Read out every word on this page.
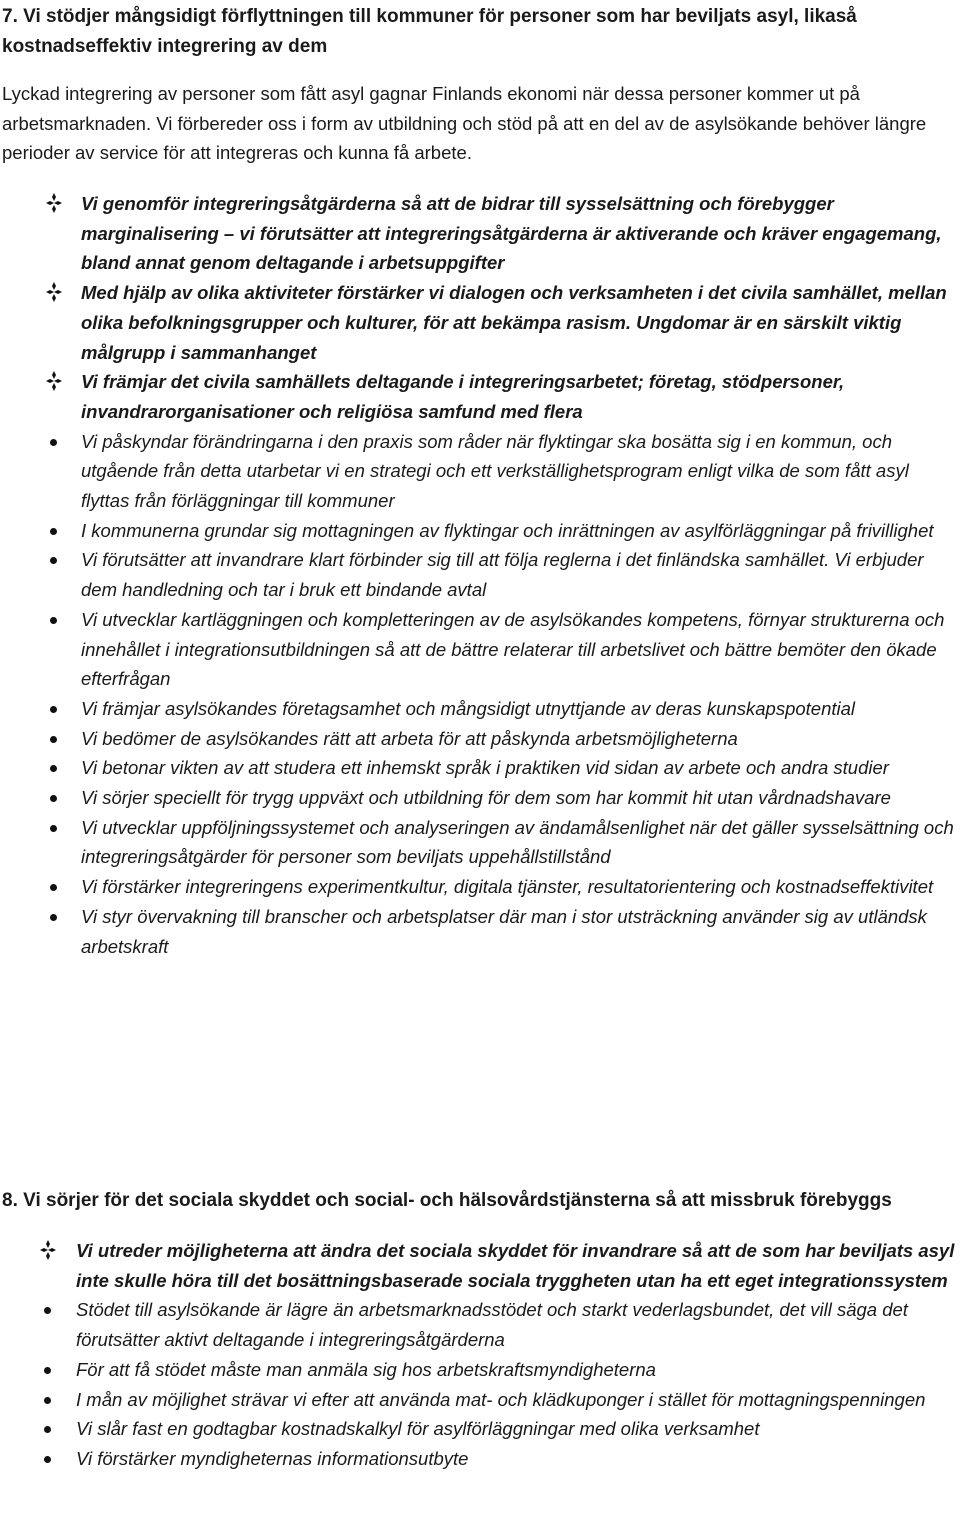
7. Vi stödjer mångsidigt förflyttningen till kommuner för personer som har beviljats asyl, likaså
kostnadseffektiv integrering av dem

Lyckad integrering av personer som fått asyl gagnar Finlands ekonomi när dessa personer kommer ut på arbetsmarknaden. Vi förbereder oss i form av utbildning och stöd på att en del av de asylsökande behöver längre perioder av service för att integreras och kunna få arbete.

Vi genomför integreringsåtgärderna så att de bidrar till sysselsättning och förebygger marginalisering – vi förutsätter att integreringsåtgärderna är aktiverande och kräver engagemang, bland annat genom deltagande i arbetsuppgifter
Med hjälp av olika aktiviteter förstärker vi dialogen och verksamheten i det civila samhället, mellan olika befolkningsgrupper och kulturer, för att bekämpa rasism. Ungdomar är en särskilt viktig målgrupp i sammanhanget
Vi främjar det civila samhällets deltagande i integreringsarbetet; företag, stödpersoner, invandrarorganisationer och religiösa samfund med flera
Vi påskyndar förändringarna i den praxis som råder när flyktingar ska bosätta sig i en kommun, och utgående från detta utarbetar vi en strategi och ett verkställighetsprogram enligt vilka de som fått asyl flyttas från förläggningar till kommuner
I kommunerna grundar sig mottagningen av flyktingar och inrättningen av asylförläggningar på frivillighet
Vi förutsätter att invandrare klart förbinder sig till att följa reglerna i det finländska samhället. Vi erbjuder dem handledning och tar i bruk ett bindande avtal
Vi utvecklar kartläggningen och kompletteringen av de asylsökandes kompetens, förnyar strukturerna och innehållet i integrationsutbildningen så att de bättre relaterar till arbetslivet och bättre bemöter den ökade efterfrågan
Vi främjar asylsökandes företagsamhet och mångsidigt utnyttjande av deras kunskapspotential
Vi bedömer de asylsökandes rätt att arbeta för att påskynda arbetsmöjligheterna
Vi betonar vikten av att studera ett inhemskt språk i praktiken vid sidan av arbete och andra studier
Vi sörjer speciellt för trygg uppväxt och utbildning för dem som har kommit hit utan vårdnadshavare
Vi utvecklar uppföljningssystemet och analyseringen av ändamålsenlighet när det gäller sysselsättning och integreringsåtgärder för personer som beviljats uppehållstillstånd
Vi förstärker integreringens experimentkultur, digitala tjänster, resultatorientering och kostnadseffektivitet
Vi styr övervakning till branscher och arbetsplatser där man i stor utsträckning använder sig av utländsk arbetskraft
8. Vi sörjer för det sociala skyddet och social- och hälsovårdstjänsterna så att missbruk förebyggs
Vi utreder möjligheterna att ändra det sociala skyddet för invandrare så att de som har beviljats asyl inte skulle höra till det bosättningsbaserade sociala tryggheten utan ha ett eget integrationssystem
Stödet till asylsökande är lägre än arbetsmarknadsstödet och starkt vederlagsbundet, det vill säga det förutsätter aktivt deltagande i integreringsåtgärderna
För att få stödet måste man anmäla sig hos arbetskraftsmyndigheterna
I mån av möjlighet strävar vi efter att använda mat- och klädkuponger i stället för mottagningspenningen
Vi slår fast en godtagbar kostnadskalkyl för asylförläggningar med olika verksamhet
Vi förstärker myndigheternas informationsutbyte
